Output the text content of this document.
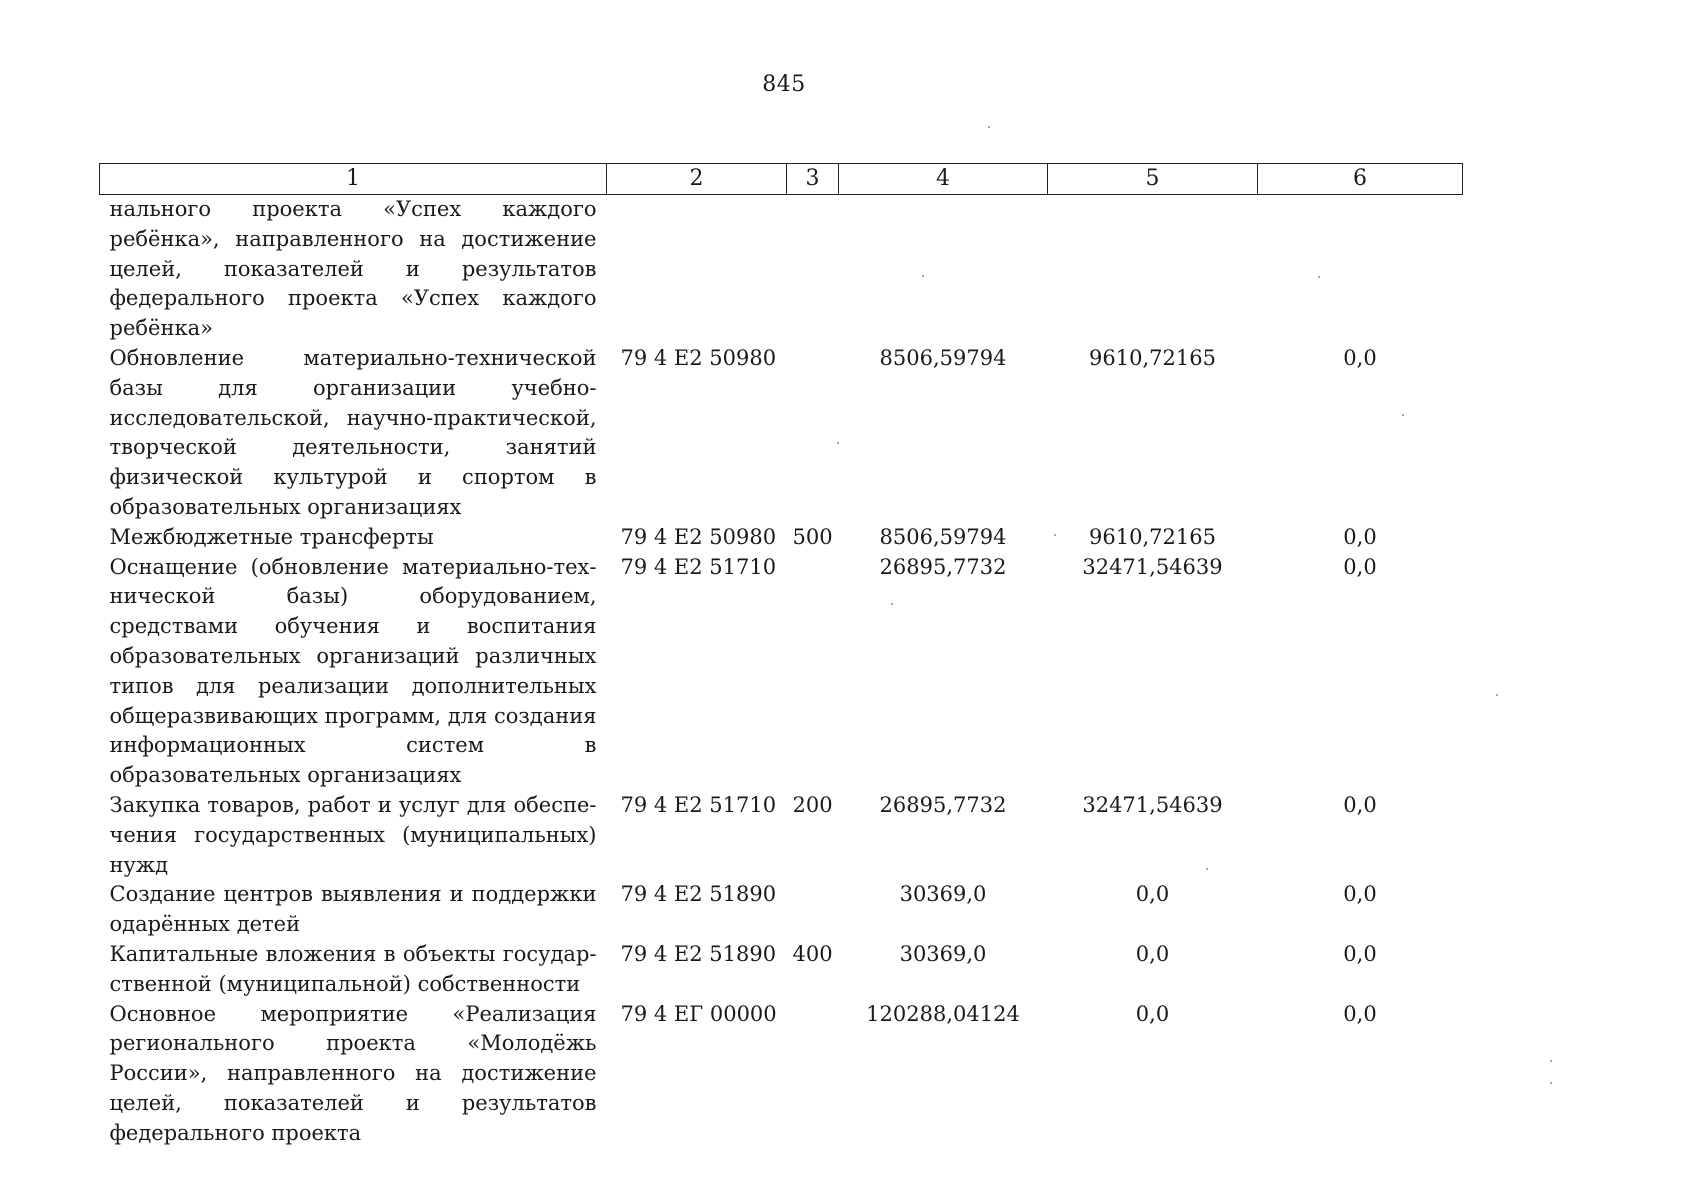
845
1	2	3	4	5	6
нального проекта «Успех каждого ребёнка», направленного на достижение целей, показателей и результатов федерального проекта «Успех каждого ребёнка»					
Обновление материально-технической базы для организации учебно-исследовательской, научно-практической, творческой деятельности, занятий физической культурой и спортом в образовательных организациях	79 4 Е2 50980		8506,59794	9610,72165	0,0
Межбюджетные трансферты	79 4 Е2 50980	500	8506,59794	9610,72165	0,0
Оснащение (обновление материально-технической базы) оборудованием, средствами обучения и воспитания образовательных организаций различных типов для реализации дополнительных общеразвивающих программ, для создания информационных систем в образовательных организациях	79 4 Е2 51710		26895,7732	32471,54639	0,0
Закупка товаров, работ и услуг для обеспечения государственных (муниципальных) нужд	79 4 Е2 51710	200	26895,7732	32471,54639	0,0
Создание центров выявления и поддержки одарённых детей	79 4 Е2 51890		30369,0	0,0	0,0
Капитальные вложения в объекты государственной (муниципальной) собственности	79 4 Е2 51890	400	30369,0	0,0	0,0
Основное мероприятие «Реализация регионального проекта «Молодёжь России», направленного на достижение целей, показателей и результатов федерального проекта	79 4 ЕГ 00000		120288,04124	0,0	0,0
